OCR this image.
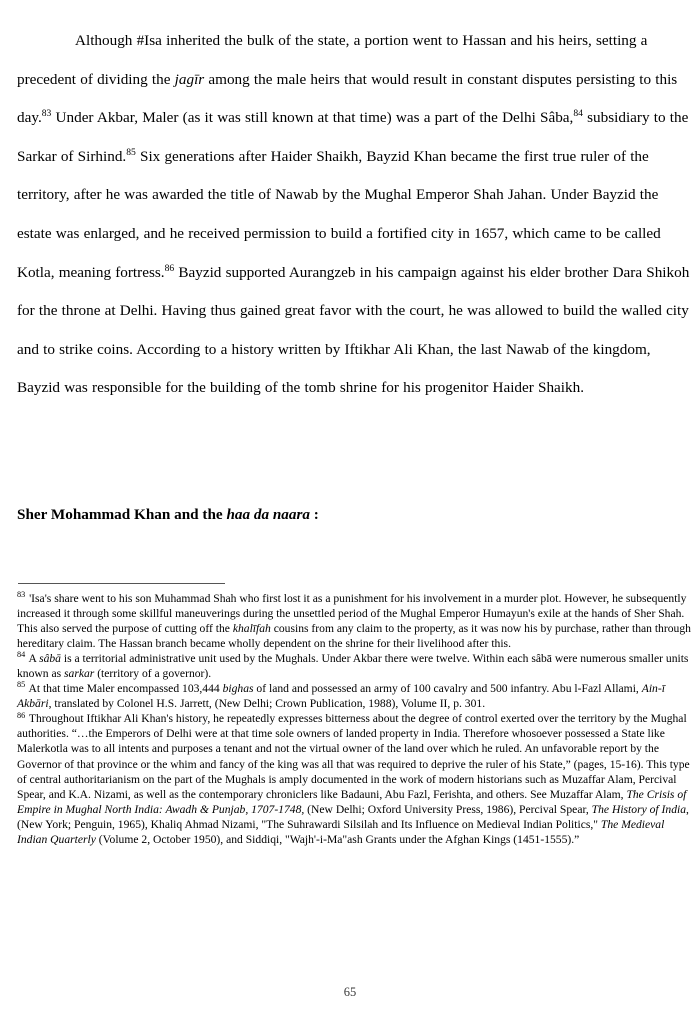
Although #Isa inherited the bulk of the state, a portion went to Hassan and his heirs, setting a precedent of dividing the jagīr among the male heirs that would result in constant disputes persisting to this day.$^{83}$ Under Akbar, Maler (as it was still known at that time) was a part of the Delhi Sâba,$^{84}$ subsidiary to the Sarkar of Sirhind.$^{85}$ Six generations after Haider Shaikh, Bayzid Khan became the first true ruler of the territory, after he was awarded the title of Nawab by the Mughal Emperor Shah Jahan. Under Bayzid the estate was enlarged, and he received permission to build a fortified city in 1657, which came to be called Kotla, meaning fortress.$^{86}$ Bayzid supported Aurangzeb in his campaign against his elder brother Dara Shikoh for the throne at Delhi. Having thus gained great favor with the court, he was allowed to build the walled city and to strike coins. According to a history written by Iftikhar Ali Khan, the last Nawab of the kingdom, Bayzid was responsible for the building of the tomb shrine for his progenitor Haider Shaikh.

Sher Mohammad Khan and the haa da naara :

$^{83}$ 'Isa's share went to his son Muhammad Shah who first lost it as a punishment for his involvement in a murder plot. However, he subsequently increased it through some skillful maneuverings during the unsettled period of the Mughal Emperor Humayun's exile at the hands of Sher Shah. This also served the purpose of cutting off the khalīfah cousins from any claim to the property, as it was now his by purchase, rather than through hereditary claim. The Hassan branch became wholly dependent on the shrine for their livelihood after this.

$^{84}$ A sâbā is a territorial administrative unit used by the Mughals. Under Akbar there were twelve. Within each sâbā were numerous smaller units known as sarkar (territory of a governor).

$^{85}$ At that time Maler encompassed 103,444 bighas of land and possessed an army of 100 cavalry and 500 infantry. Abu l-Fazl Allami, Ain-ī Akbāri, translated by Colonel H.S. Jarrett, (New Delhi; Crown Publication, 1988), Volume II, p. 301.

$^{86}$ Throughout Iftikhar Ali Khan's history, he repeatedly expresses bitterness about the degree of control exerted over the territory by the Mughal authorities. “…the Emperors of Delhi were at that time sole owners of landed property in India. Therefore whosoever possessed a State like Malerkotla was to all intents and purposes a tenant and not the virtual owner of the land over which he ruled. An unfavorable report by the Governor of that province or the whim and fancy of the king was all that was required to deprive the ruler of his State,” (pages, 15-16). This type of central authoritarianism on the part of the Mughals is amply documented in the work of modern historians such as Muzaffar Alam, Percival Spear, and K.A. Nizami, as well as the contemporary chroniclers like Badauni, Abu Fazl, Ferishta, and others. See Muzaffar Alam, The Crisis of Empire in Mughal North India: Awadh & Punjab, 1707-1748, (New Delhi; Oxford University Press, 1986), Percival Spear, The History of India, (New York; Penguin, 1965), Khaliq Ahmad Nizami, "The Suhrawardi Silsilah and Its Influence on Medieval Indian Politics," The Medieval Indian Quarterly (Volume 2, October 1950), and Siddiqi, "Wajh'-i-Ma"ash Grants under the Afghan Kings (1451-1555).”

65
